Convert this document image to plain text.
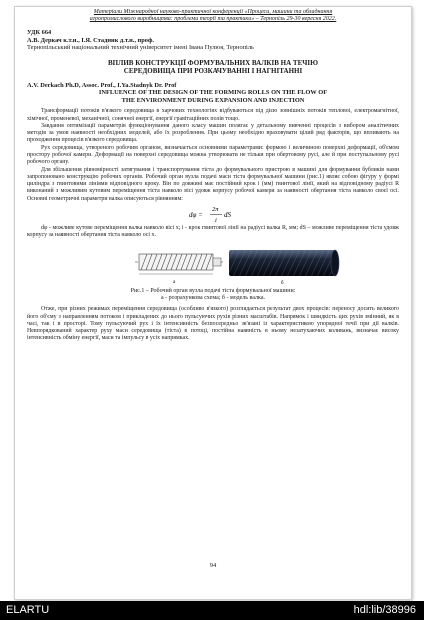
Матеріали Міжнародної науково-практичної конференції «Процеси, машини та обладнання
агропромислового виробництва: проблеми теорії та практики» – Тернопіль 29-30 вересня 2022.
УДК 664
А.В. Деркач к.т.н., І.Я. Стадник д.т.н., проф.
Тернопільський національний технічний університет імені Івана Пулюя, Тернопіль
ВПЛИВ КОНСТРУКЦІЇ ФОРМУВАЛЬНИХ ВАЛКІВ НА ТЕЧІЮ
СЕРЕДОВИЩА ПРИ РОЗКАЧУВАННІ І НАГНІТАННІ
A.V. Derkach Ph.D, Assoc. Prof., I.Ya.Stadnyk Dr. Prof
INFLUENCE OF THE DESIGN OF THE FORMING ROLLS ON THE FLOW OF
THE ENVIRONMENT DURING EXPANSION AND INJECTION

Трансформації потоків в'язкого середовища в харчових технологіях відбуваються під дією зовнішніх потоків тепловоі, електромагнітної, хімічної, променевої, механічної, сонячної енергії, енергії гравітаційних полів тощо.

Завдання оптимізації параметрів функціонування даного класу машин полягає у детальному вивченні процесів з вибором аналітичних методів за умов наявності необхідних моделей, або їх розроблення. При цьому необхідно враховувати цілий ряд факторів, що впливають на проходження процесів в'язкого середовища.

Рух середовища, утвореного робочим органом, визначається основними параметрами: формою і величиною поверхні деформації, об'ємом простору робочої камери. Деформації на поверхні середовища можна утворювати не тільки при обертовому русі, але й при поступальному русі робочого органу.

Для збільшення рівномірності затягування і транспортування тіста до формувального пристрою в машині для формування бубликів нами запропоновано конструкцію робочих органів. Робочий орган вузла подачі маси тіста формувальної машини (рис.1) являє собою фігуру у формі циліндра з гвинтовими лініями відповідного кроку. Він по довжині має постійний крок і (мм) гвинтової лінії, який на відповідному радіусі R виконаний з можливим кутовим переміщення тіста навколо вісі удовж корпусу робочої камери за наявності обертання тіста навколо своєї осі. Основні геометричні параметри валка описуються рівнянням:

dφ =
2π
i
dS

dφ - можливе кутове переміщення валка навколо вісі x; i - крок гвинтової лінії на радіусі валка R, мм; dS – можливе переміщення тіста удовж корпусу за наявності обертання тіста навколо осі x.

а	б
Рис.1 – Робочий орган вузла подачі тіста формувальної машини:
а - розрахункова схема; б - модель валка.

Отже, при різних режимах переміщення середовища (особливо в'язкого) розглядається результат двох процесів: переносу досить великого його об'єму з направленням потоком і прикладених до нього пульсуючих рухів різних масштабів. Напрямок і швидкість цих рухів змінний, як в часі, так і в просторі. Тому пульсуючий рух і їх інтенсивність безпосередньо зв'язані із характеристикою упорядної течії при дії валків. Невпорядкований характер руху маси середовища (тіста) в потоці, постійна наявність в ньому незатухаючих коливань, визначає високу інтенсивність обміну енергії, маси та імпульсу в усіх напрямках.

94
ELARTU	hdl:lib/38996
